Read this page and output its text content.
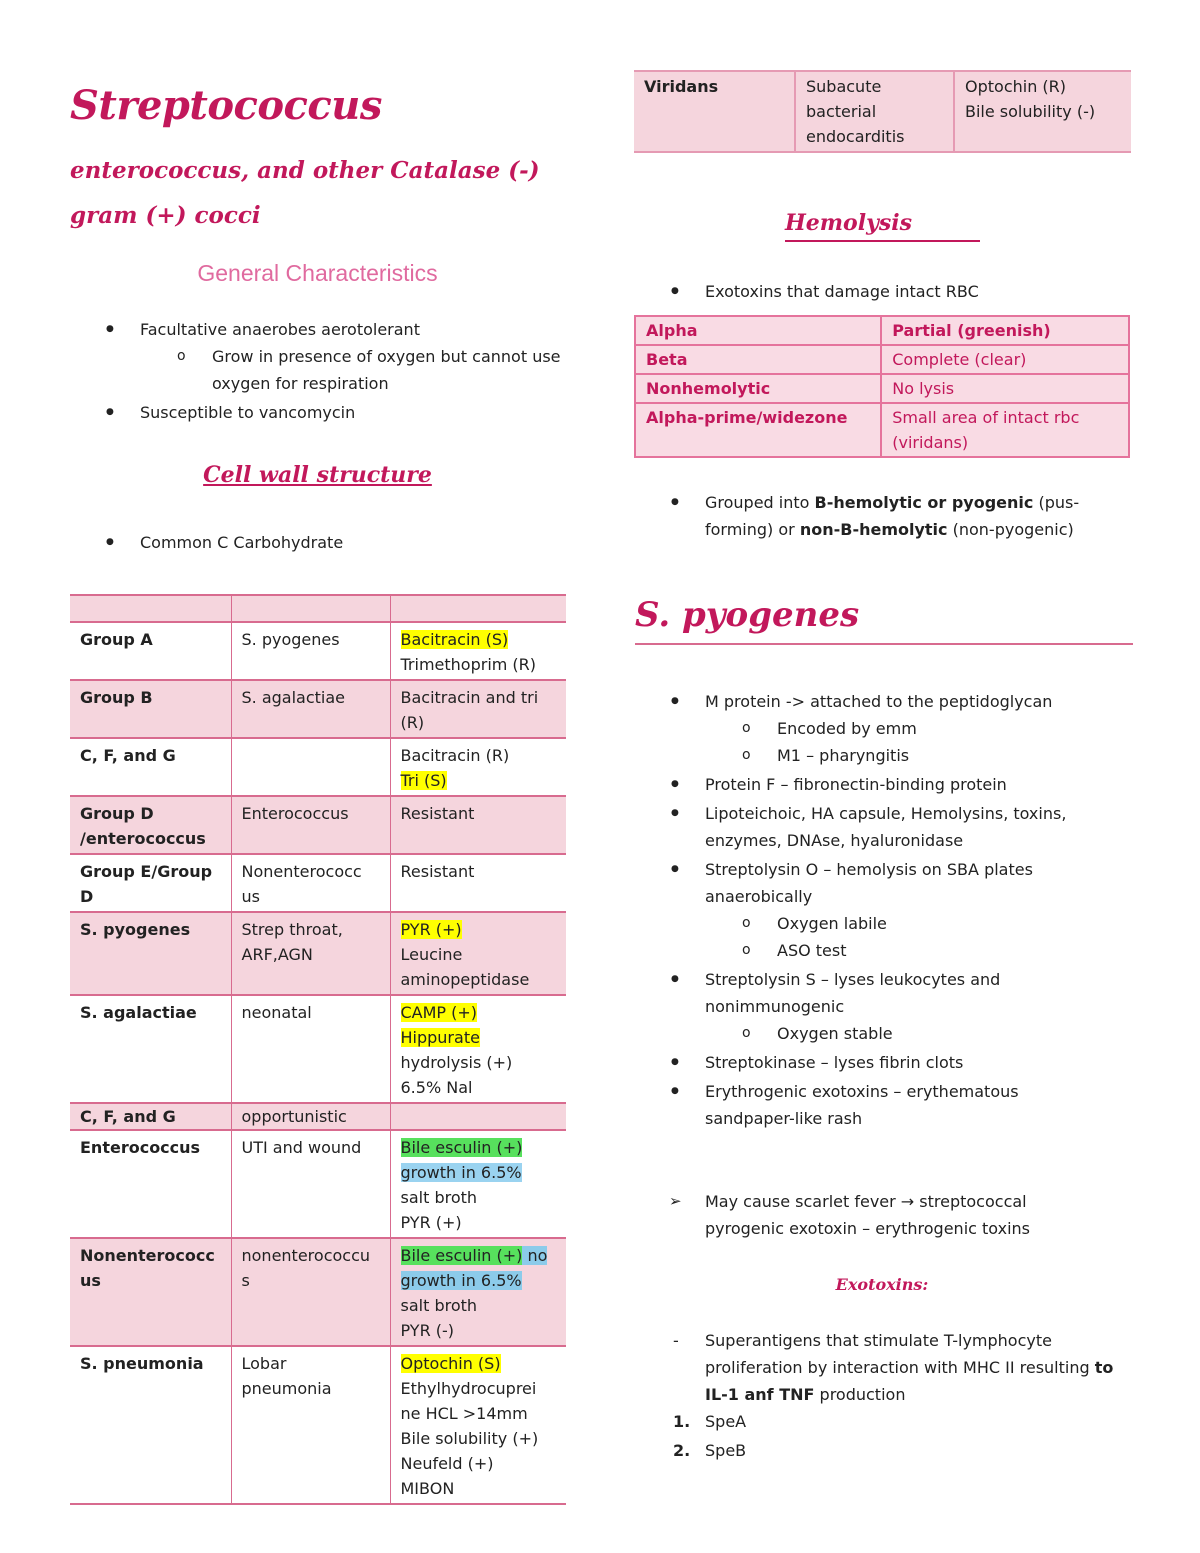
Streptococcus
enterococcus, and other Catalase (-) gram (+) cocci
General Characteristics
● Facultative anaerobes aerotolerant
o Grow in presence of oxygen but cannot use oxygen for respiration
● Susceptible to vancomycin
Cell wall structure
● Common C Carbohydrate

Group A	S. pyogenes	Bacitracin (S)
Trimethoprim (R)
Group B	S. agalactiae	Bacitracin and tri (R)
C, F, and G		Bacitracin (R)
Tri (S)
Group D /enterococcus	Enterococcus	Resistant
Group E/Group D	Nonenterococc us	Resistant
S. pyogenes	Strep throat, ARF,AGN	PYR (+)
Leucine aminopeptidase
S. agalactiae	neonatal	CAMP (+)
Hippurate
hydrolysis (+) 6.5% Nal
C, F, and G	opportunistic	
Enterococcus	UTI and wound	Bile esculin (+)
growth in 6.5%
salt broth
PYR (+)
Nonenterococc us	nonenterococcu s	Bile esculin (+) no
growth in 6.5%
salt broth
PYR (-)
S. pneumonia	Lobar pneumonia	Optochin (S)
Ethylhydrocuprei ne HCL >14mm
Bile solubility (+)
Neufeld (+)
MIBON
Viridans	Subacute bacterial endocarditis	Optochin (R)
Bile solubility (-)
Hemolysis
● Exotoxins that damage intact RBC
Alpha	Partial (greenish)
Beta	Complete (clear)
Nonhemolytic	No lysis
Alpha-prime/widezone	Small area of intact rbc (viridans)
● Grouped into B-hemolytic or pyogenic (pus-forming) or non-B-hemolytic (non-pyogenic)
S. pyogenes
● M protein -> attached to the peptidoglycan
o Encoded by emm
o M1 – pharyngitis
● Protein F – fibronectin-binding protein
● Lipoteichoic, HA capsule, Hemolysins, toxins, enzymes, DNAse, hyaluronidase
● Streptolysin O – hemolysis on SBA plates anaerobically
o Oxygen labile
o ASO test
● Streptolysin S – lyses leukocytes and nonimmunogenic
o Oxygen stable
● Streptokinase – lyses fibrin clots
● Erythrogenic exotoxins – erythematous sandpaper-like rash
➢ May cause scarlet fever → streptococcal pyrogenic exotoxin – erythrogenic toxins
Exotoxins:
- Superantigens that stimulate T-lymphocyte proliferation by interaction with MHC II resulting to IL-1 anf TNF production
1. SpeA
2. SpeB
